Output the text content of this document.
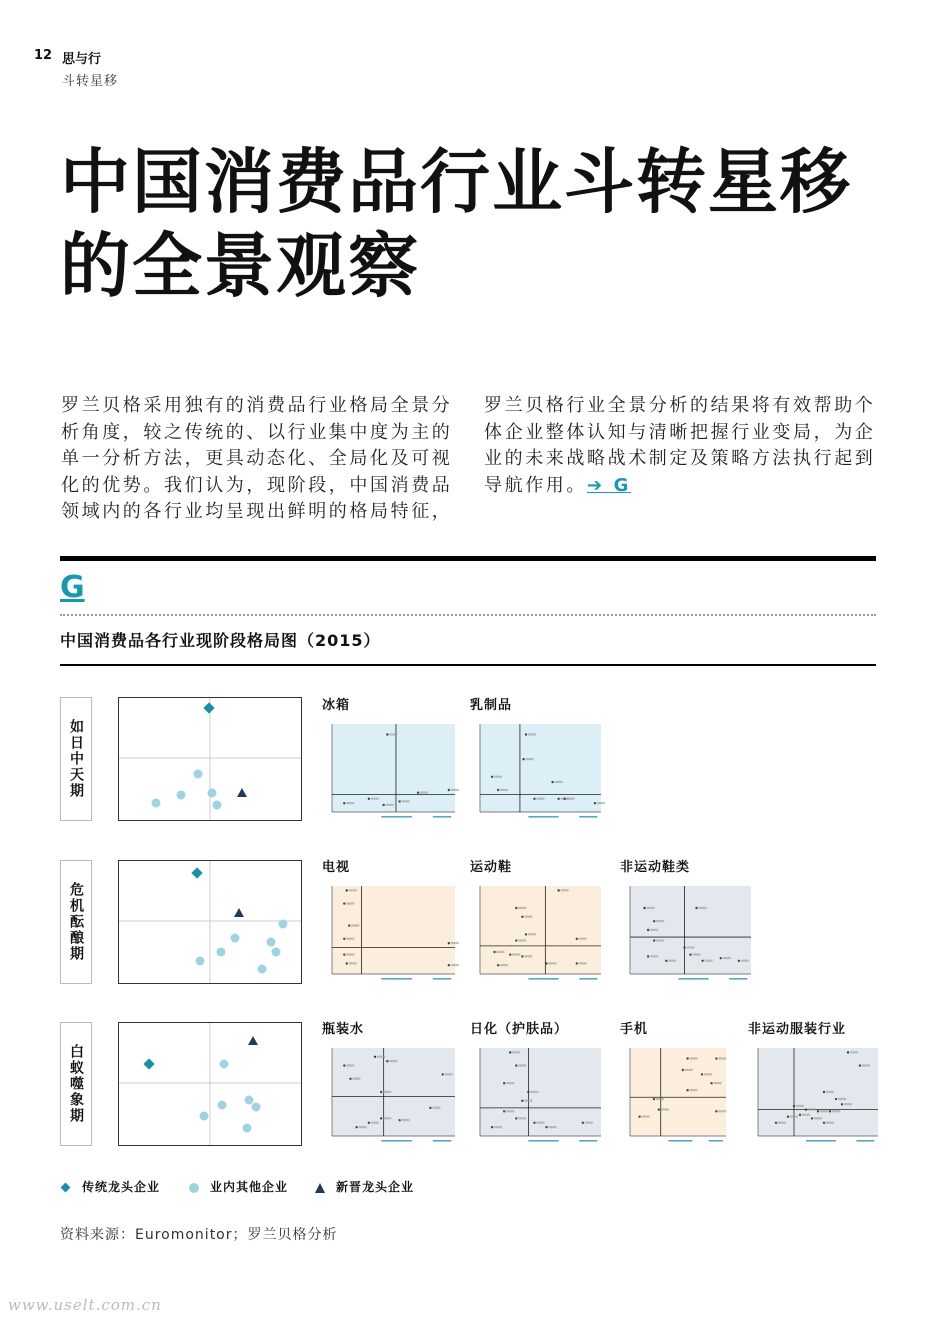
12 思与行
斗转星移
中国消费品行业斗转星移
的全景观察
罗兰贝格采用独有的消费品行业格局全景分析角度，较之传统的、以行业集中度为主的单一分析方法，更具动态化、全局化及可视化的优势。我们认为，现阶段，中国消费品领域内的各行业均呈现出鲜明的格局特征，
罗兰贝格行业全景分析的结果将有效帮助个体企业整体认知与清晰把握行业变局，为企业的未来战略战术制定及策略方法执行起到导航作用。➔ G
G
中国消费品各行业现阶段格局图（2015）
如日中天期
危机酝酿期
白蚁噬象期
冰箱	乳制品
电视	运动鞋	非运动鞋类
瓶装水	日化（护肤品）	手机	非运动服装行业
传统龙头企业	业内其他企业	新晋龙头企业
资料来源：Euromonitor；罗兰贝格分析
www.uselt.com.cn
